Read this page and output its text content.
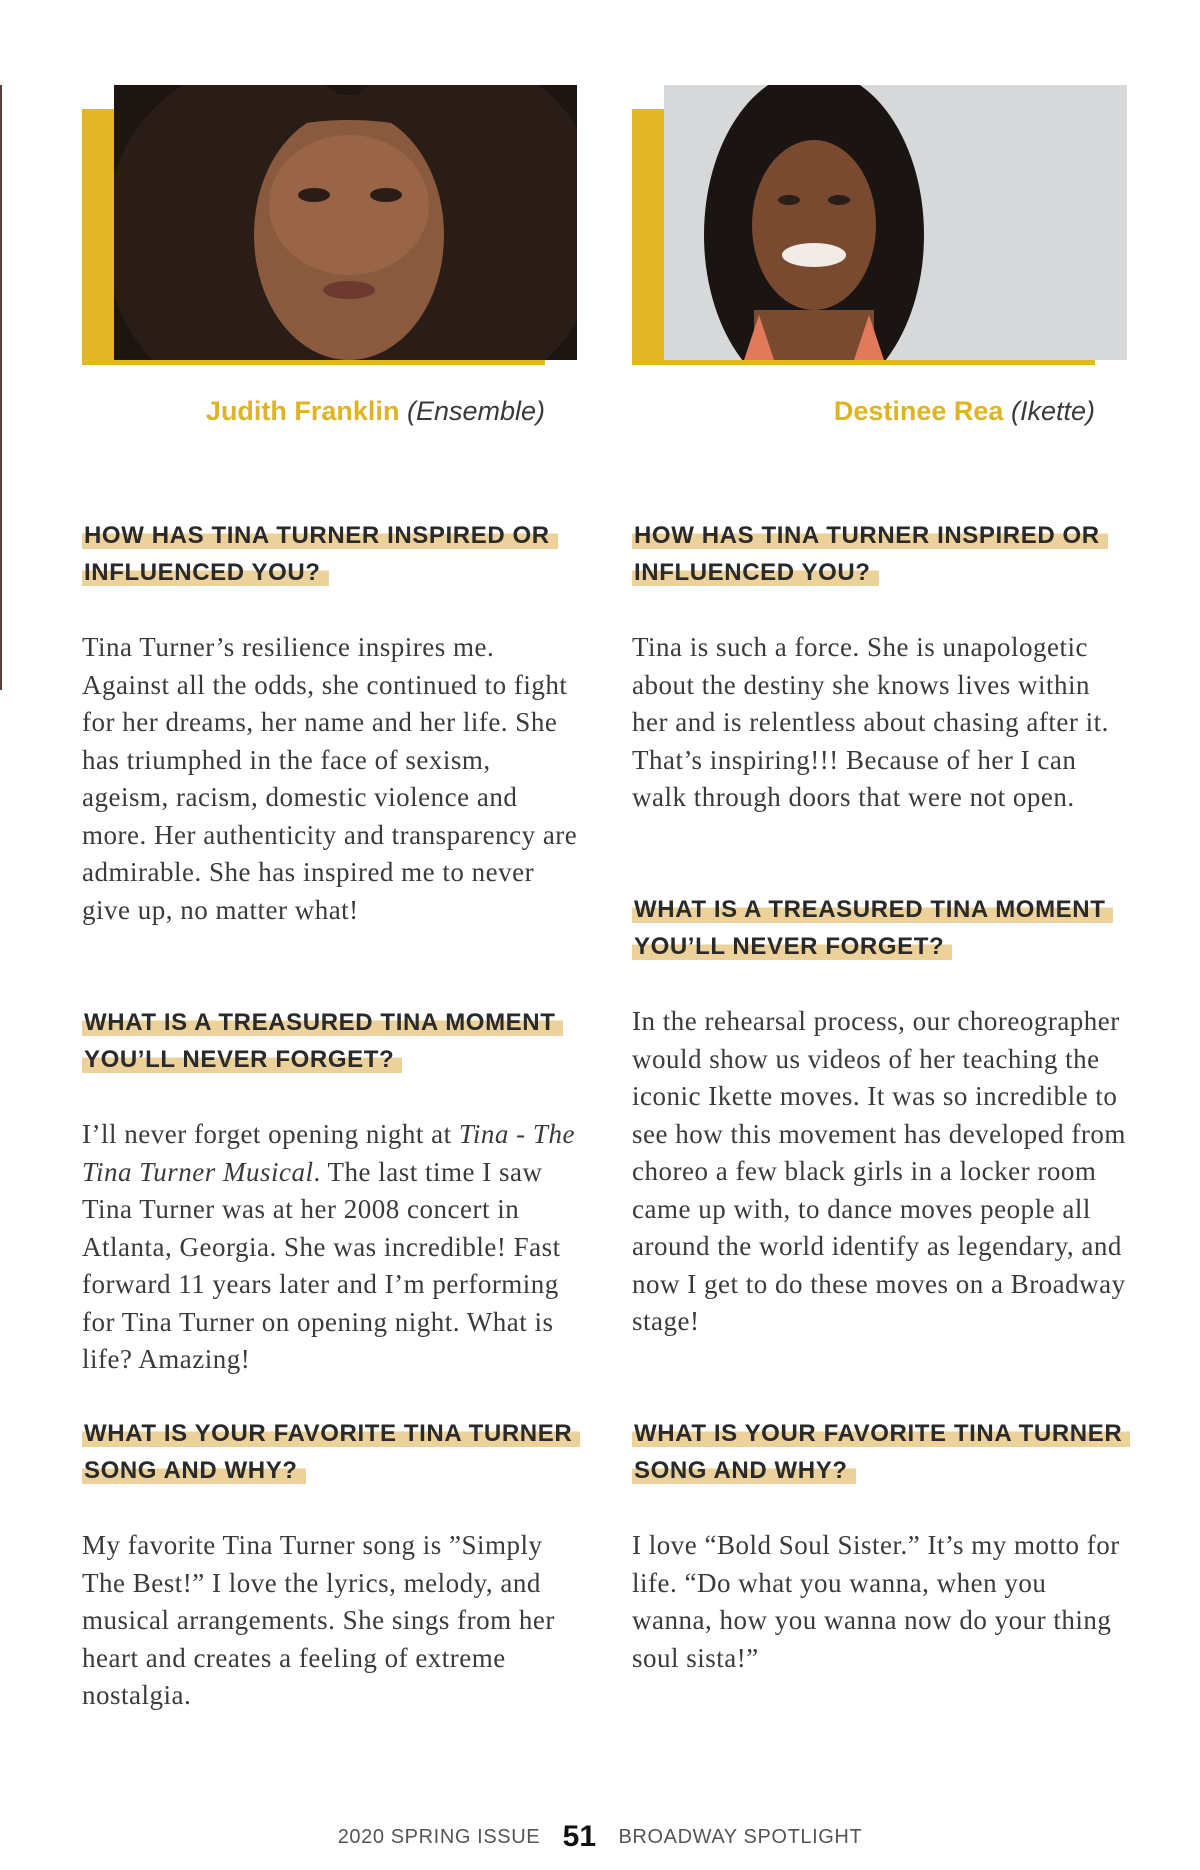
Judith Franklin (Ensemble)
HOW HAS TINA TURNER INSPIRED OR INFLUENCED YOU?
Tina Turner’s resilience inspires me. Against all the odds, she continued to fight for her dreams, her name and her life. She has triumphed in the face of sexism, ageism, racism, domestic violence and more. Her authenticity and transparency are admirable. She has inspired me to never give up, no matter what!
WHAT IS A TREASURED TINA MOMENT YOU’LL NEVER FORGET?
I’ll never forget opening night at Tina - The Tina Turner Musical. The last time I saw Tina Turner was at her 2008 concert in Atlanta, Georgia. She was incredible! Fast forward 11 years later and I’m performing for Tina Turner on opening night. What is life? Amazing!
WHAT IS YOUR FAVORITE TINA TURNER SONG AND WHY?
My favorite Tina Turner song is ”Simply The Best!” I love the lyrics, melody, and musical arrangements. She sings from her heart and creates a feeling of extreme nostalgia.
Destinee Rea (Ikette)
HOW HAS TINA TURNER INSPIRED OR INFLUENCED YOU?
Tina is such a force. She is unapologetic about the destiny she knows lives within her and is relentless about chasing after it. That’s inspiring!!! Because of her I can walk through doors that were not open.
WHAT IS A TREASURED TINA MOMENT YOU’LL NEVER FORGET?
In the rehearsal process, our choreographer would show us videos of her teaching the iconic Ikette moves. It was so incredible to see how this movement has developed from choreo a few black girls in a locker room came up with, to dance moves people all around the world identify as legendary, and now I get to do these moves on a Broadway stage!
WHAT IS YOUR FAVORITE TINA TURNER SONG AND WHY?
I love “Bold Soul Sister.” It’s my motto for life. “Do what you wanna, when you wanna, how you wanna now do your thing soul sista!”
2020 SPRING ISSUE 51 BROADWAY SPOTLIGHT
